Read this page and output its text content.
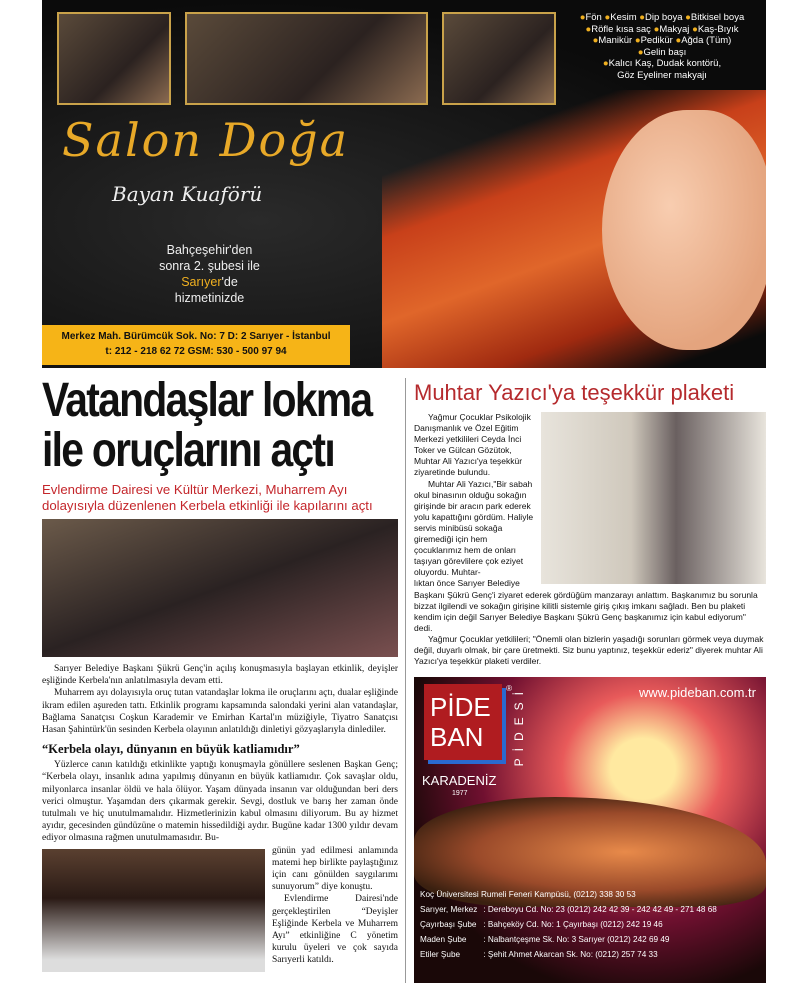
●Fön ●Kesim ●Dip boya ●Bitkisel boya
●Röfle kısa saç ●Makyaj ●Kaş-Bıyık
●Manikür ●Pedikür ●Ağda (Tüm)
●Gelin başı
●Kalıcı Kaş, Dudak kontörü,
Göz Eyeliner makyajı
Salon Doğa
Bayan Kuaförü
Bahçeşehir'den
sonra 2. şubesi ile
Sarıyer'de
hizmetinizde
Merkez Mah. Bürümcük Sok. No: 7 D: 2 Sarıyer - İstanbul
t: 212 - 218 62 72 GSM: 530 - 500 97 94
Vatandaşlar lokma ile oruçlarını açtı
Evlendirme Dairesi ve Kültür Merkezi, Muharrem Ayı dolayısıyla düzenlenen Kerbela etkinliği ile kapılarını açtı

Sarıyer Belediye Başkanı Şükrü Genç'in açılış konuşmasıyla başlayan etkinlik, deyişler eşliğinde Kerbela'nın anlatılmasıyla devam etti.

Muharrem ayı dolayısıyla oruç tutan vatandaşlar lokma ile oruçlarını açtı, dualar eşliğinde ikram edilen aşureden tattı. Etkinlik programı kapsamında salondaki yerini alan vatandaşlar, Bağlama Sanatçısı Coşkun Karademir ve Emirhan Kartal'ın müziğiyle, Tiyatro Sanatçısı Hasan Şahintürk'ün sesinden Kerbela olayının anlatıldığı dinletiyi gözyaşlarıyla dinlediler.

“Kerbela olayı, dünyanın en büyük katliamıdır”

Yüzlerce canın katıldığı etkinlikte yaptığı konuşmayla gönüllere seslenen Başkan Genç; “Kerbela olayı, insanlık adına yapılmış dünyanın en büyük katliamıdır. Çok savaşlar oldu, milyonlarca insanlar öldü ve hala ölüyor. Yaşam dünyada insanın var olduğundan beri ders verici olmuştur. Yaşamdan ders çıkarmak gerekir. Sevgi, dostluk ve barış her zaman önde tutulmalı ve hiç unutulmamalıdır. Hizmetlerinizin kabul olmasını diliyorum. Bu ay hizmet ayıdır, gecesinden gündüzüne o matemin hissedildiği aydır. Bugüne kadar 1300 yıldır devam ediyor olmasına rağmen unutulmamasıdır. Bu-

günün yad edilmesi anlamında matemi hep birlikte paylaştığınız için canı gönülden saygılarımı sunuyorum” diye konuştu.

Evlendirme Dairesi'nde gerçekleştirilen “Deyişler Eşliğinde Kerbela ve Muharrem Ayı” etkinliğine C yönetim kurulu üyeleri ve çok sayıda Sarıyerli katıldı.

Muhtar Yazıcı'ya teşekkür plaketi

Yağmur Çocuklar Psikolojik Danışmanlık ve Özel Eğitim Merkezi yetkilileri Ceyda İnci Toker ve Gülcan Gözütok, Muhtar Ali Yazıcı'ya teşekkür ziyaretinde bulundu.

Muhtar Ali Yazıcı,"Bir sabah okul binasının olduğu sokağın girişinde bir aracın park ederek yolu kapattığını gördüm. Haliyle servis minibüsü sokağa giremediği için hem çocuklarımız hem de onları taşıyan görevlilere çok eziyet oluyordu. Muhtar-

lıktan önce Sarıyer Belediye Başkanı Şükrü Genç'i ziyaret ederek gördüğüm manzarayı anlattım. Başkanımız bu sorunla bizzat ilgilendi ve sokağın girişine kilitli sistemle giriş çıkış imkanı sağladı. Ben bu plaketi kendim için değil Sarıyer Belediye Başkanı Şükrü Genç başkanımız için kabul ediyorum" dedi.

Yağmur Çocuklar yetkilileri; "Önemli olan bizlerin yaşadığı sorunları görmek veya duymak değil, duyarlı olmak, bir çare üretmekti. Siz bunu yaptınız, teşekkür ederiz" diyerek muhtar Ali Yazıcı'ya teşekkür plaketi verdiler.

PİDE
BAN
® PİDESİ
KARADENİZ
1977
www.pideban.com.tr
Koç Üniversitesi Rumeli Feneri Kampüsü, (0212) 338 30 53	
Sarıyer, Merkez	: Dereboyu Cd. No: 23 (0212) 242 42 39 - 242 42 49 - 271 48 68
Çayırbaşı Şube	: Bahçeköy Cd. No: 1 Çayırbaşı (0212) 242 19 46
Maden Şube	: Nalbantçeşme Sk. No: 3 Sarıyer (0212) 242 69 49
Etiler Şube	: Şehit Ahmet Akarcan Sk. No: (0212) 257 74 33
